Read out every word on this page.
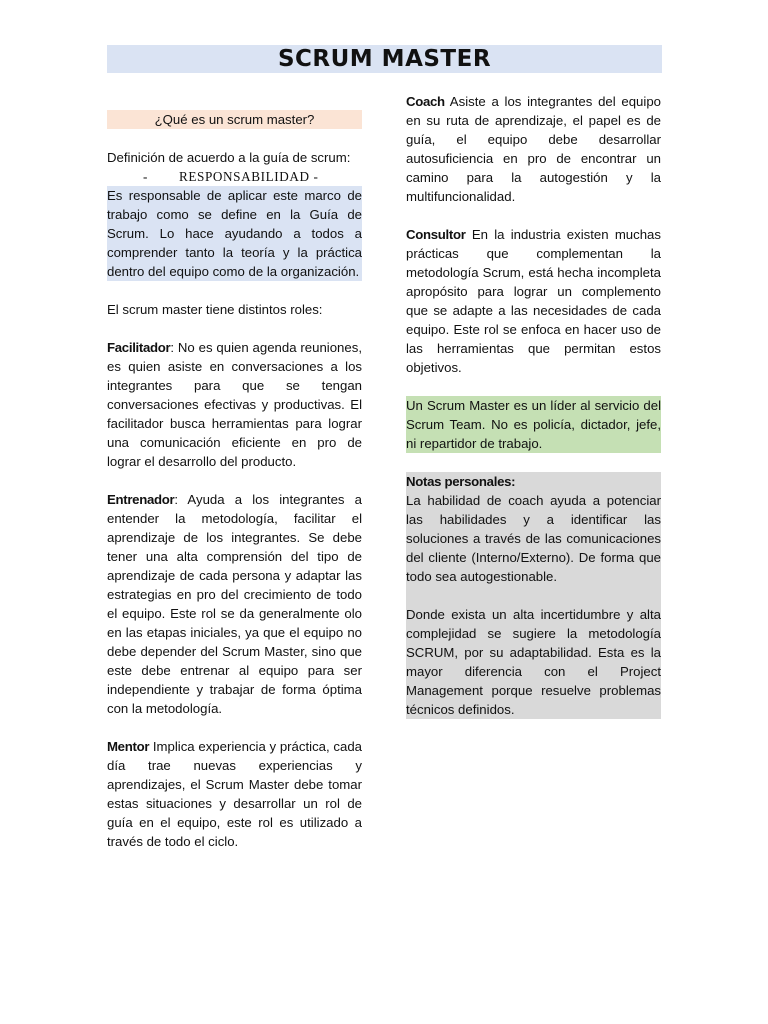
SCRUM MASTER
¿Qué es un scrum master?

Definición de acuerdo a la guía de scrum:

- RESPONSABILIDAD -

Es responsable de aplicar este marco de trabajo como se define en la Guía de Scrum. Lo hace ayudando a todos a comprender tanto la teoría y la práctica dentro del equipo como de la organización.

El scrum master tiene distintos roles:

Facilitador: No es quien agenda reuniones, es quien asiste en conversaciones a los integrantes para que se tengan conversaciones efectivas y productivas. El facilitador busca herramientas para lograr una comunicación eficiente en pro de lograr el desarrollo del producto.

Entrenador: Ayuda a los integrantes a entender la metodología, facilitar el aprendizaje de los integrantes. Se debe tener una alta comprensión del tipo de aprendizaje de cada persona y adaptar las estrategias en pro del crecimiento de todo el equipo. Este rol se da generalmente olo en las etapas iniciales, ya que el equipo no debe depender del Scrum Master, sino que este debe entrenar al equipo para ser independiente y trabajar de forma óptima con la metodología.

Mentor Implica experiencia y práctica, cada día trae nuevas experiencias y aprendizajes, el Scrum Master debe tomar estas situaciones y desarrollar un rol de guía en el equipo, este rol es utilizado a través de todo el ciclo.

Coach Asiste a los integrantes del equipo en su ruta de aprendizaje, el papel es de guía, el equipo debe desarrollar autosuficiencia en pro de encontrar un camino para la autogestión y la multifuncionalidad.

Consultor En la industria existen muchas prácticas que complementan la metodología Scrum, está hecha incompleta apropósito para lograr un complemento que se adapte a las necesidades de cada equipo. Este rol se enfoca en hacer uso de las herramientas que permitan estos objetivos.

Un Scrum Master es un líder al servicio del Scrum Team. No es policía, dictador, jefe, ni repartidor de trabajo.

Notas personales:

La habilidad de coach ayuda a potenciar las habilidades y a identificar las soluciones a través de las comunicaciones del cliente (Interno/Externo). De forma que todo sea autogestionable.

Donde exista un alta incertidumbre y alta complejidad se sugiere la metodología SCRUM, por su adaptabilidad. Esta es la mayor diferencia con el Project Management porque resuelve problemas técnicos definidos.
